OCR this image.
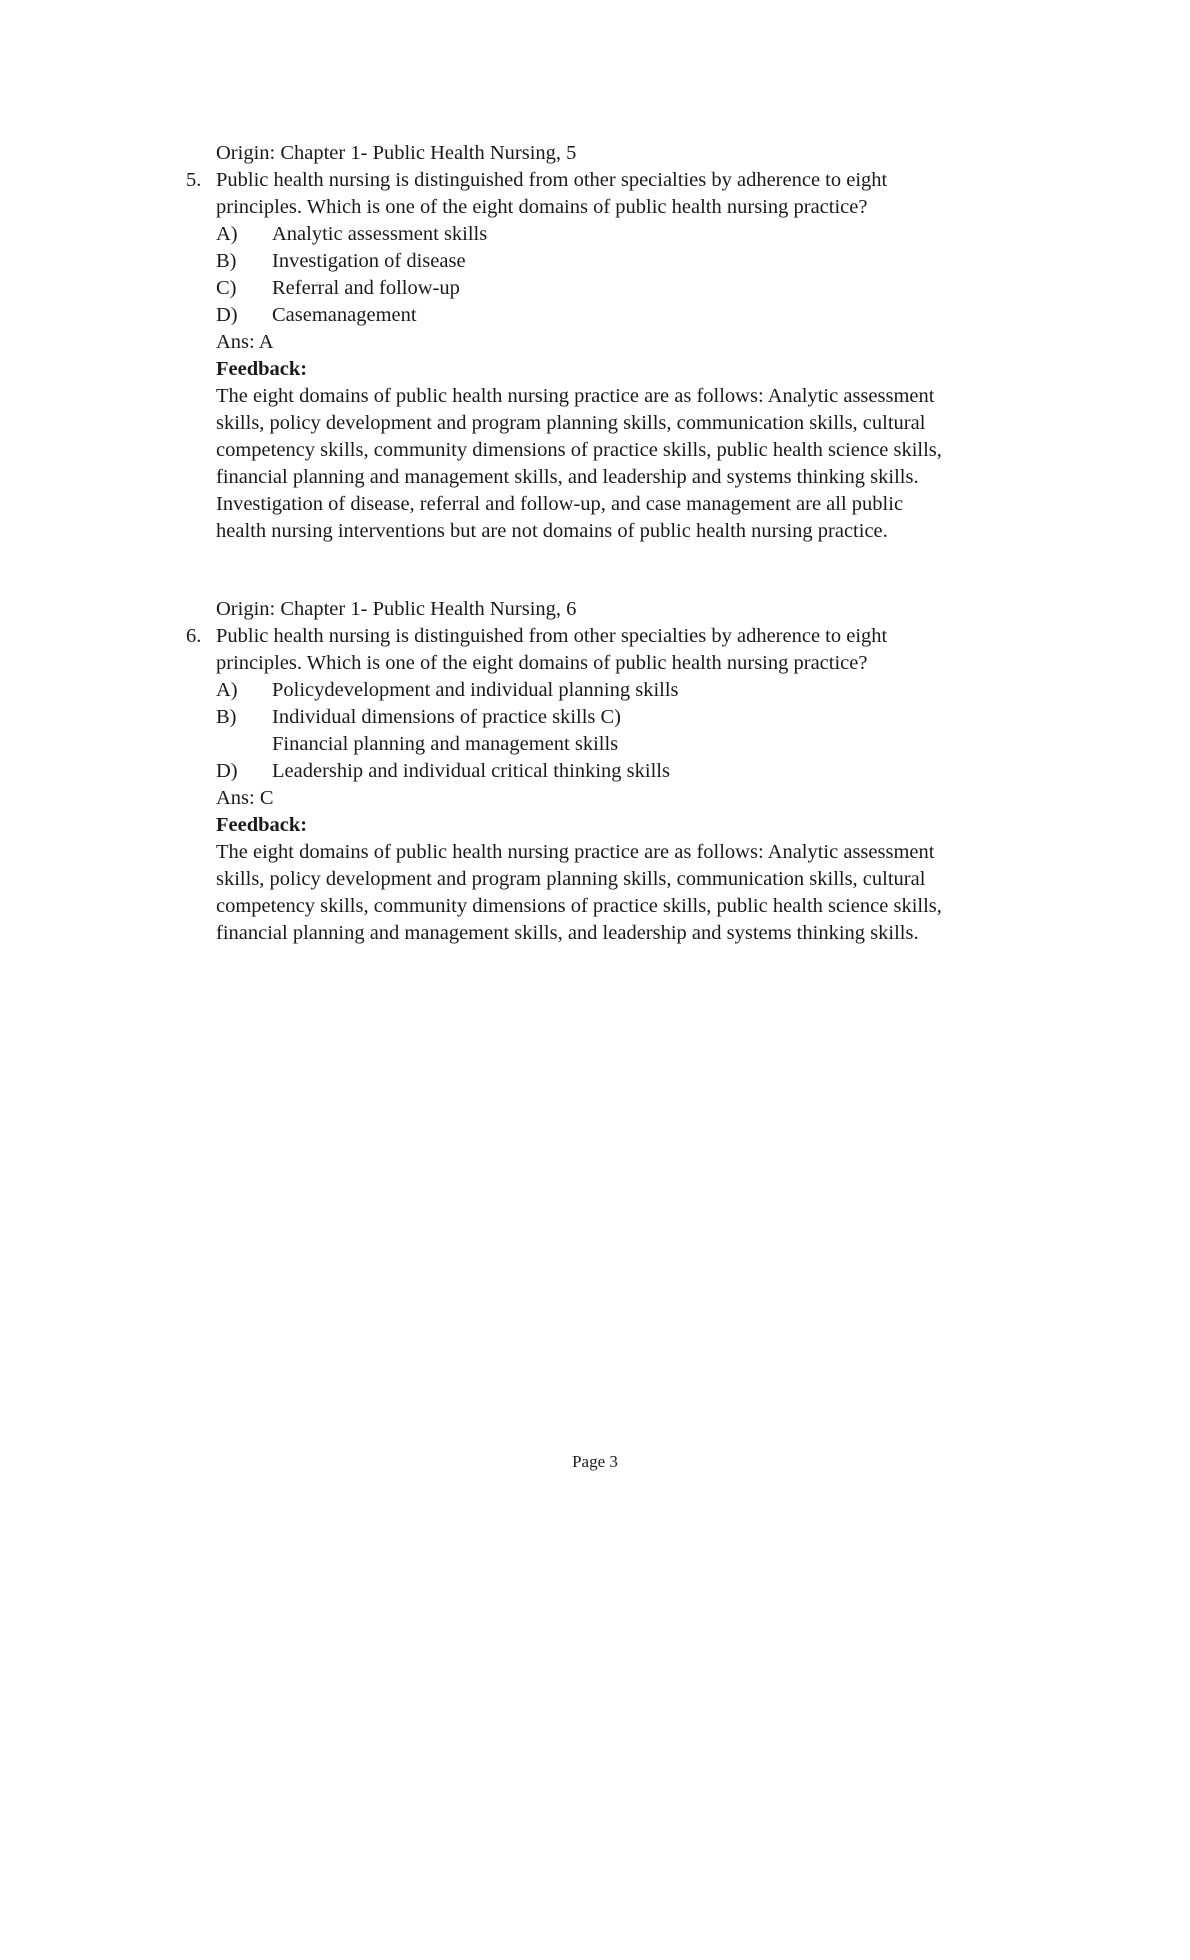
Origin: Chapter 1- Public Health Nursing, 5
5. Public health nursing is distinguished from other specialties by adherence to eight
principles. Which is one of the eight domains of public health nursing practice?
A) Analytic assessment skills
B) Investigation of disease
C) Referral and follow-up
D) Casemanagement
Ans: A
Feedback:
The eight domains of public health nursing practice are as follows: Analytic assessment
skills, policy development and program planning skills, communication skills, cultural
competency skills, community dimensions of practice skills, public health science skills,
financial planning and management skills, and leadership and systems thinking skills.
Investigation of disease, referral and follow-up, and case management are all public
health nursing interventions but are not domains of public health nursing practice.
Origin: Chapter 1- Public Health Nursing, 6
6. Public health nursing is distinguished from other specialties by adherence to eight
principles. Which is one of the eight domains of public health nursing practice?
A) Policydevelopment and individual planning skills
B) Individual dimensions of practice skills C)
Financial planning and management skills
D) Leadership and individual critical thinking skills
Ans: C
Feedback:
The eight domains of public health nursing practice are as follows: Analytic assessment
skills, policy development and program planning skills, communication skills, cultural
competency skills, community dimensions of practice skills, public health science skills,
financial planning and management skills, and leadership and systems thinking skills.
Page 3
